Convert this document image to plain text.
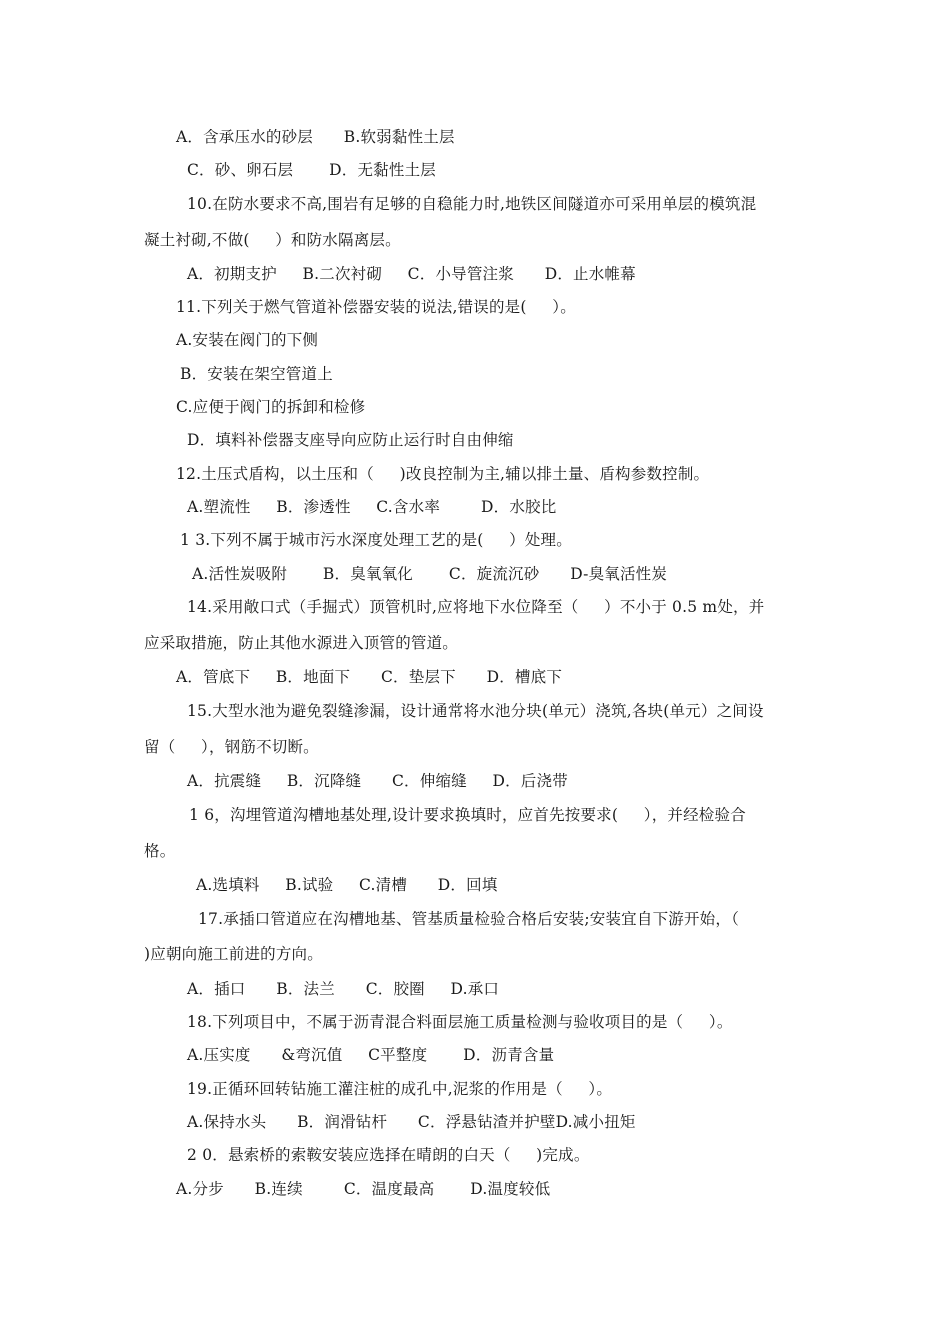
A．含承压水的砂层      B.软弱黏性土层
C．砂、卵石层       D．无黏性土层
10.在防水要求不高,围岩有足够的自稳能力时,地铁区间隧道亦可采用单层的模筑混
凝土衬砌,不做(     ）和防水隔离层。
A．初期支护     B.二次衬砌     C．小导管注浆      D．止水帷幕
11.下列关于燃气管道补偿器安装的说法,错误的是(     ）。
A.安装在阀门的下侧
B．安装在架空管道上
C.应便于阀门的拆卸和检修
D．填料补偿器支座导向应防止运行时自由伸缩
12.土压式盾构，以土压和（     )改良控制为主,辅以排土量、盾构参数控制。
A.塑流性     B．渗透性     C.含水率        D．水胶比
1 3.下列不属于城市污水深度处理工艺的是(     ）处理。
A.活性炭吸附       B．臭氧氧化       C．旋流沉砂      D-臭氧活性炭
14.采用敞口式（手掘式）顶管机时,应将地下水位降至（     ）不小于 0.5 m处，并
应采取措施，防止其他水源进入顶管的管道。
A．管底下     B．地面下      C．垫层下      D．槽底下
15.大型水池为避免裂缝渗漏，设计通常将水池分块(单元）浇筑,各块(单元）之间设
留（     ），钢筋不切断。
A．抗震缝     B．沉降缝      C．伸缩缝     D．后浇带
1 6，沟埋管道沟槽地基处理,设计要求换填时，应首先按要求(     ），并经检验合
格。
A.选填料     B.试验     C.清槽      D．回填
17.承插口管道应在沟槽地基、管基质量检验合格后安装;安装宜自下游开始，（
)应朝向施工前进的方向。
A．插口      B．法兰      C．胶圈     D.承口
18.下列项目中，不属于沥青混合料面层施工质量检测与验收项目的是（     ）。
A.压实度      &弯沉值     C平整度       D．沥青含量
19.正循环回转钻施工灌注桩的成孔中,泥浆的作用是（     ）。
A.保持水头      B．润滑钻杆      C．浮悬钻渣并护壁D.减小扭矩
2 0．悬索桥的索鞍安装应选择在晴朗的白天（     )完成。
A.分步      B.连续        C．温度最高       D.温度较低
